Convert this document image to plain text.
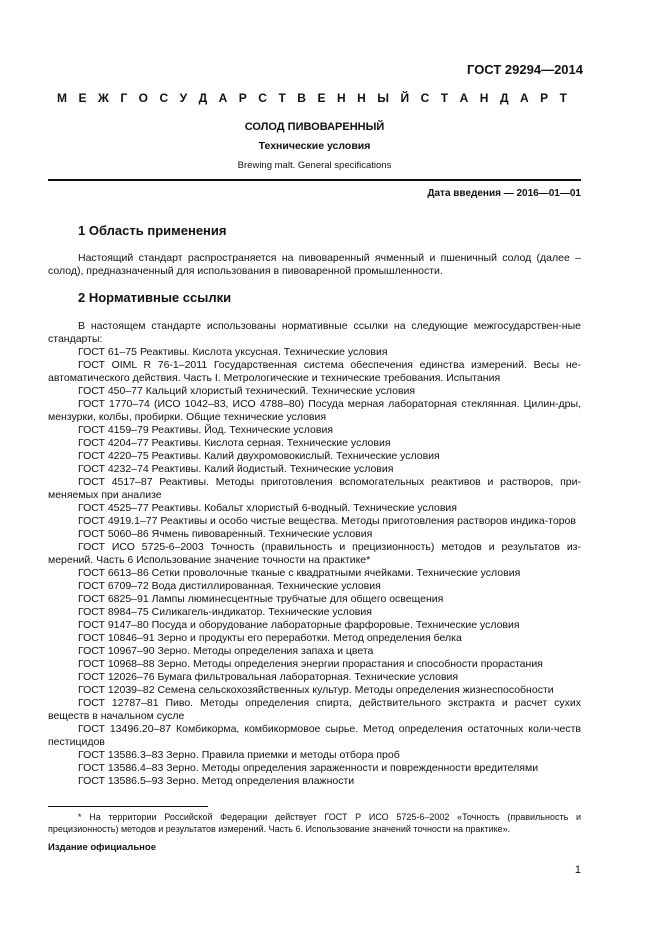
ГОСТ 29294—2014
М Е Ж Г О С У Д А Р С Т В Е Н Н Ы Й С Т А Н Д А Р Т
СОЛОД ПИВОВАРЕННЫЙ
Технические условия
Brewing malt. General specifications
Дата введения — 2016—01—01
1 Область применения

Настоящий стандарт распространяется на пивоваренный ячменный и пшеничный солод (далее – солод), предназначенный для использования в пивоваренной промышленности.

2 Нормативные ссылки
В настоящем стандарте использованы нормативные ссылки на следующие межгосударствен-ные стандарты:
ГОСТ 61–75 Реактивы. Кислота уксусная. Технические условия
ГОСТ OIML R 76-1–2011 Государственная система обеспечения единства измерений. Весы не-автоматического действия. Часть I. Метрологические и технические требования. Испытания
ГОСТ 450–77 Кальций хлористый технический. Технические условия
ГОСТ 1770–74 (ИСО 1042–83, ИСО 4788–80) Посуда мерная лабораторная стеклянная. Цилин-дры, мензурки, колбы, пробирки. Общие технические условия
ГОСТ 4159–79 Реактивы. Йод. Технические условия
ГОСТ 4204–77 Реактивы. Кислота серная. Технические условия
ГОСТ 4220–75 Реактивы. Калий двухромовокислый. Технические условия
ГОСТ 4232–74 Реактивы. Калий йодистый. Технические условия
ГОСТ 4517–87 Реактивы. Методы приготовления вспомогательных реактивов и растворов, при-меняемых при анализе
ГОСТ 4525–77 Реактивы. Кобальт хлористый 6-водный. Технические условия
ГОСТ 4919.1–77 Реактивы и особо чистые вещества. Методы приготовления растворов индика-торов
ГОСТ 5060–86 Ячмень пивоваренный. Технические условия
ГОСТ ИСО 5725-6–2003 Точность (правильность и прецизионность) методов и результатов из-мерений. Часть 6 Использование значение точности на практике*
ГОСТ 6613–86 Сетки проволочные тканые с квадратными ячейками. Технические условия
ГОСТ 6709–72 Вода дистиллированная. Технические условия
ГОСТ 6825–91 Лампы люминесцентные трубчатые для общего освещения
ГОСТ 8984–75 Силикагель-индикатор. Технические условия
ГОСТ 9147–80 Посуда и оборудование лабораторные фарфоровые. Технические условия
ГОСТ 10846–91 Зерно и продукты его переработки. Метод определения белка
ГОСТ 10967–90 Зерно. Методы определения запаха и цвета
ГОСТ 10968–88 Зерно. Методы определения энергии прорастания и способности прорастания
ГОСТ 12026–76 Бумага фильтровальная лабораторная. Технические условия
ГОСТ 12039–82 Семена сельскохозяйственных культур. Методы определения жизнеспособности
ГОСТ 12787–81 Пиво. Методы определения спирта, действительного экстракта и расчет сухих веществ в начальном сусле
ГОСТ 13496.20–87 Комбикорма, комбикормовое сырье. Метод определения остаточных коли-честв пестицидов
ГОСТ 13586.3–83 Зерно. Правила приемки и методы отбора проб
ГОСТ 13586.4–83 Зерно. Методы определения зараженности и поврежденности вредителями
ГОСТ 13586.5–93 Зерно. Метод определения влажности

* На территории Российской Федерации действует ГОСТ Р ИСО 5725-6–2002 «Точность (правильность и прецизионность) методов и результатов измерений. Часть 6. Использование значений точности на практике».

Издание официальное
1
